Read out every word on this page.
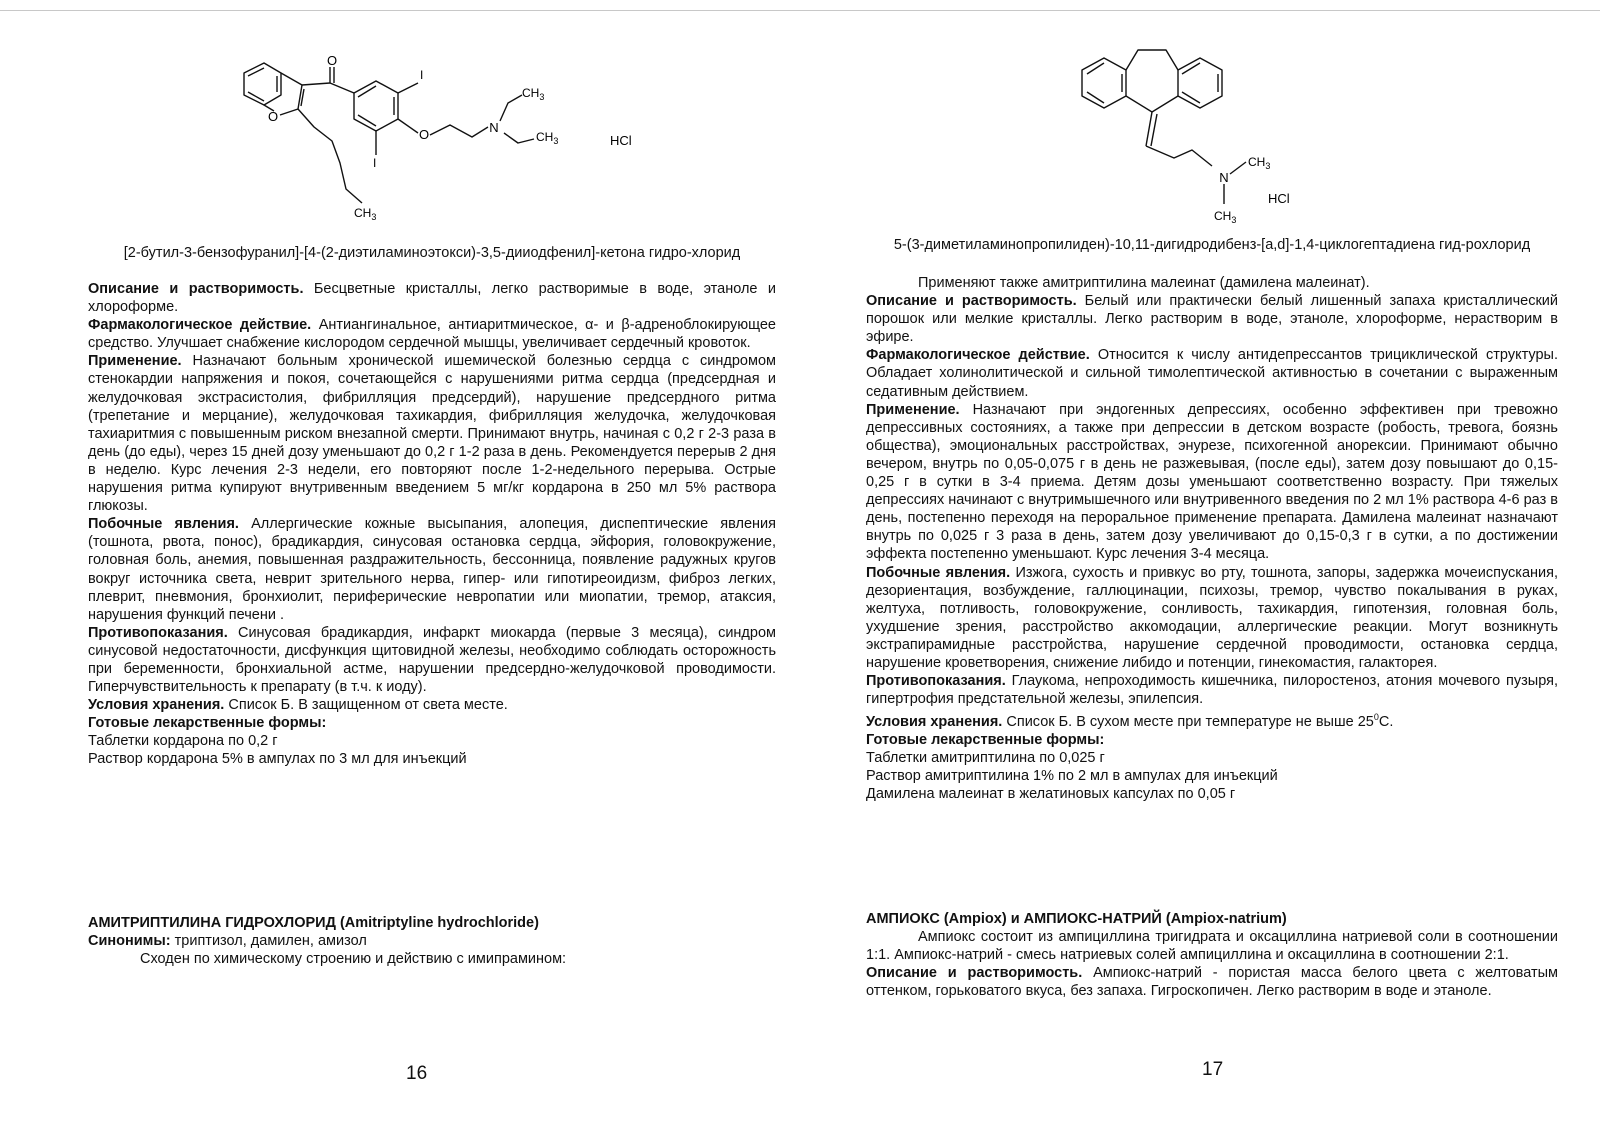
O
O
I
I
O	N
$CH_3$
$CH_3$
$CH_3$
HCl
[2-бутил-3-бензофуранил]-[4-(2-диэтиламиноэтокси)-3,5-дииодфенил]-кетона гидро-хлорид

Описание и растворимость. Бесцветные кристаллы, легко растворимые в воде, этаноле и хлороформе.

Фармакологическое действие. Антиангинальное, антиаритмическое, α- и β-адреноблокирующее средство. Улучшает снабжение кислородом сердечной мышцы, увеличивает сердечный кровоток.

Применение. Назначают больным хронической ишемической болезнью сердца с синдромом стенокардии напряжения и покоя, сочетающейся с нарушениями ритма сердца (предсердная и желудочковая экстрасистолия, фибрилляция предсердий), нарушение предсердного ритма (трепетание и мерцание), желудочковая тахикардия, фибрилляция желудочка, желудочковая тахиаритмия с повышенным риском внезапной смерти. Принимают внутрь, начиная с 0,2 г 2-3 раза в день (до еды), через 15 дней дозу уменьшают до 0,2 г 1-2 раза в день. Рекомендуется перерыв 2 дня в неделю. Курс лечения 2-3 недели, его повторяют после 1-2-недельного перерыва. Острые нарушения ритма купируют внутривенным введением 5 мг/кг кордарона в 250 мл 5% раствора глюкозы.

Побочные явления. Аллергические кожные высыпания, алопеция, диспептические явления (тошнота, рвота, понос), брадикардия, синусовая остановка сердца, эйфория, головокружение, головная боль, анемия, повышенная раздражительность, бессонница, появление радужных кругов вокруг источника света, неврит зрительного нерва, гипер- или гипотиреоидизм, фиброз легких, плеврит, пневмония, бронхиолит, периферические невропатии или миопатии, тремор, атаксия, нарушения функций печени .

Противопоказания. Синусовая брадикардия, инфаркт миокарда (первые 3 месяца), синдром синусовой недостаточности, дисфункция щитовидной железы, необходимо соблюдать осторожность при беременности, бронхиальной астме, нарушении предсердно-желудочковой проводимости. Гиперчувствительность к препарату (в т.ч. к иоду).

Условия хранения. Список Б. В защищенном от света месте.

Готовые лекарственные формы:

Таблетки кордарона по 0,2 г

Раствор кордарона 5% в ампулах по 3 мл для инъекций

АМИТРИПТИЛИНА ГИДРОХЛОРИД (Amitriptyline hydrochloride)

Синонимы: триптизол, дамилен, амизол

Сходен по химическому строению и действию с имипрамином:

16
N
$CH_3$
$CH_3$
HCl
5-(3-диметиламинопропилиден)-10,11-дигидродибенз-[a,d]-1,4-циклогептадиена гид-рохлорид

Применяют также амитриптилина малеинат (дамилена малеинат).

Описание и растворимость. Белый или практически белый лишенный запаха кристаллический порошок или мелкие кристаллы. Легко растворим в воде, этаноле, хлороформе, нерастворим в эфире.

Фармакологическое действие. Относится к числу антидепрессантов трициклической структуры. Обладает холинолитической и сильной тимолептической активностью в сочетании с выраженным седативным действием.

Применение. Назначают при эндогенных депрессиях, особенно эффективен при тревожно депрессивных состояниях, а также при депрессии в детском возрасте (робость, тревога, боязнь общества), эмоциональных расстройствах, энурезе, психогенной анорексии. Принимают обычно вечером, внутрь по 0,05-0,075 г в день не разжевывая, (после еды), затем дозу повышают до 0,15-0,25 г в сутки в 3-4 приема. Детям дозы уменьшают соответственно возрасту. При тяжелых депрессиях начинают с внутримышечного или внутривенного введения по 2 мл 1% раствора 4-6 раз в день, постепенно переходя на пероральное применение препарата. Дамилена малеинат назначают внутрь по 0,025 г 3 раза в день, затем дозу увеличивают до 0,15-0,3 г в сутки, а по достижении эффекта постепенно уменьшают. Курс лечения 3-4 месяца.

Побочные явления. Изжога, сухость и привкус во рту, тошнота, запоры, задержка мочеиспускания, дезориентация, возбуждение, галлюцинации, психозы, тремор, чувство покалывания в руках, желтуха, потливость, головокружение, сонливость, тахикардия, гипотензия, головная боль, ухудшение зрения, расстройство аккомодации, аллергические реакции. Могут возникнуть экстрапирамидные расстройства, нарушение сердечной проводимости, остановка сердца, нарушение кроветворения, снижение либидо и потенции, гинекомастия, галакторея.

Противопоказания. Глаукома, непроходимость кишечника, пилоростеноз, атония мочевого пузыря, гипертрофия предстательной железы, эпилепсия.

Условия хранения. Список Б. В сухом месте при температуре не выше $25^0С$.

Готовые лекарственные формы:

Таблетки амитриптилина по 0,025 г

Раствор амитриптилина 1% по 2 мл в ампулах для инъекций

Дамилена малеинат в желатиновых капсулах по 0,05 г

АМПИОКС (Ampiox) и АМПИОКС-НАТРИЙ (Ampiox-natrium)

Ампиокс состоит из ампициллина тригидрата и оксациллина натриевой соли в соотношении 1:1. Ампиокс-натрий - смесь натриевых солей ампициллина и оксациллина в соотношении 2:1.

Описание и растворимость. Ампиокс-натрий - пористая масса белого цвета с желтоватым оттенком, горьковатого вкуса, без запаха. Гигроскопичен. Легко растворим в воде и этаноле.

17
